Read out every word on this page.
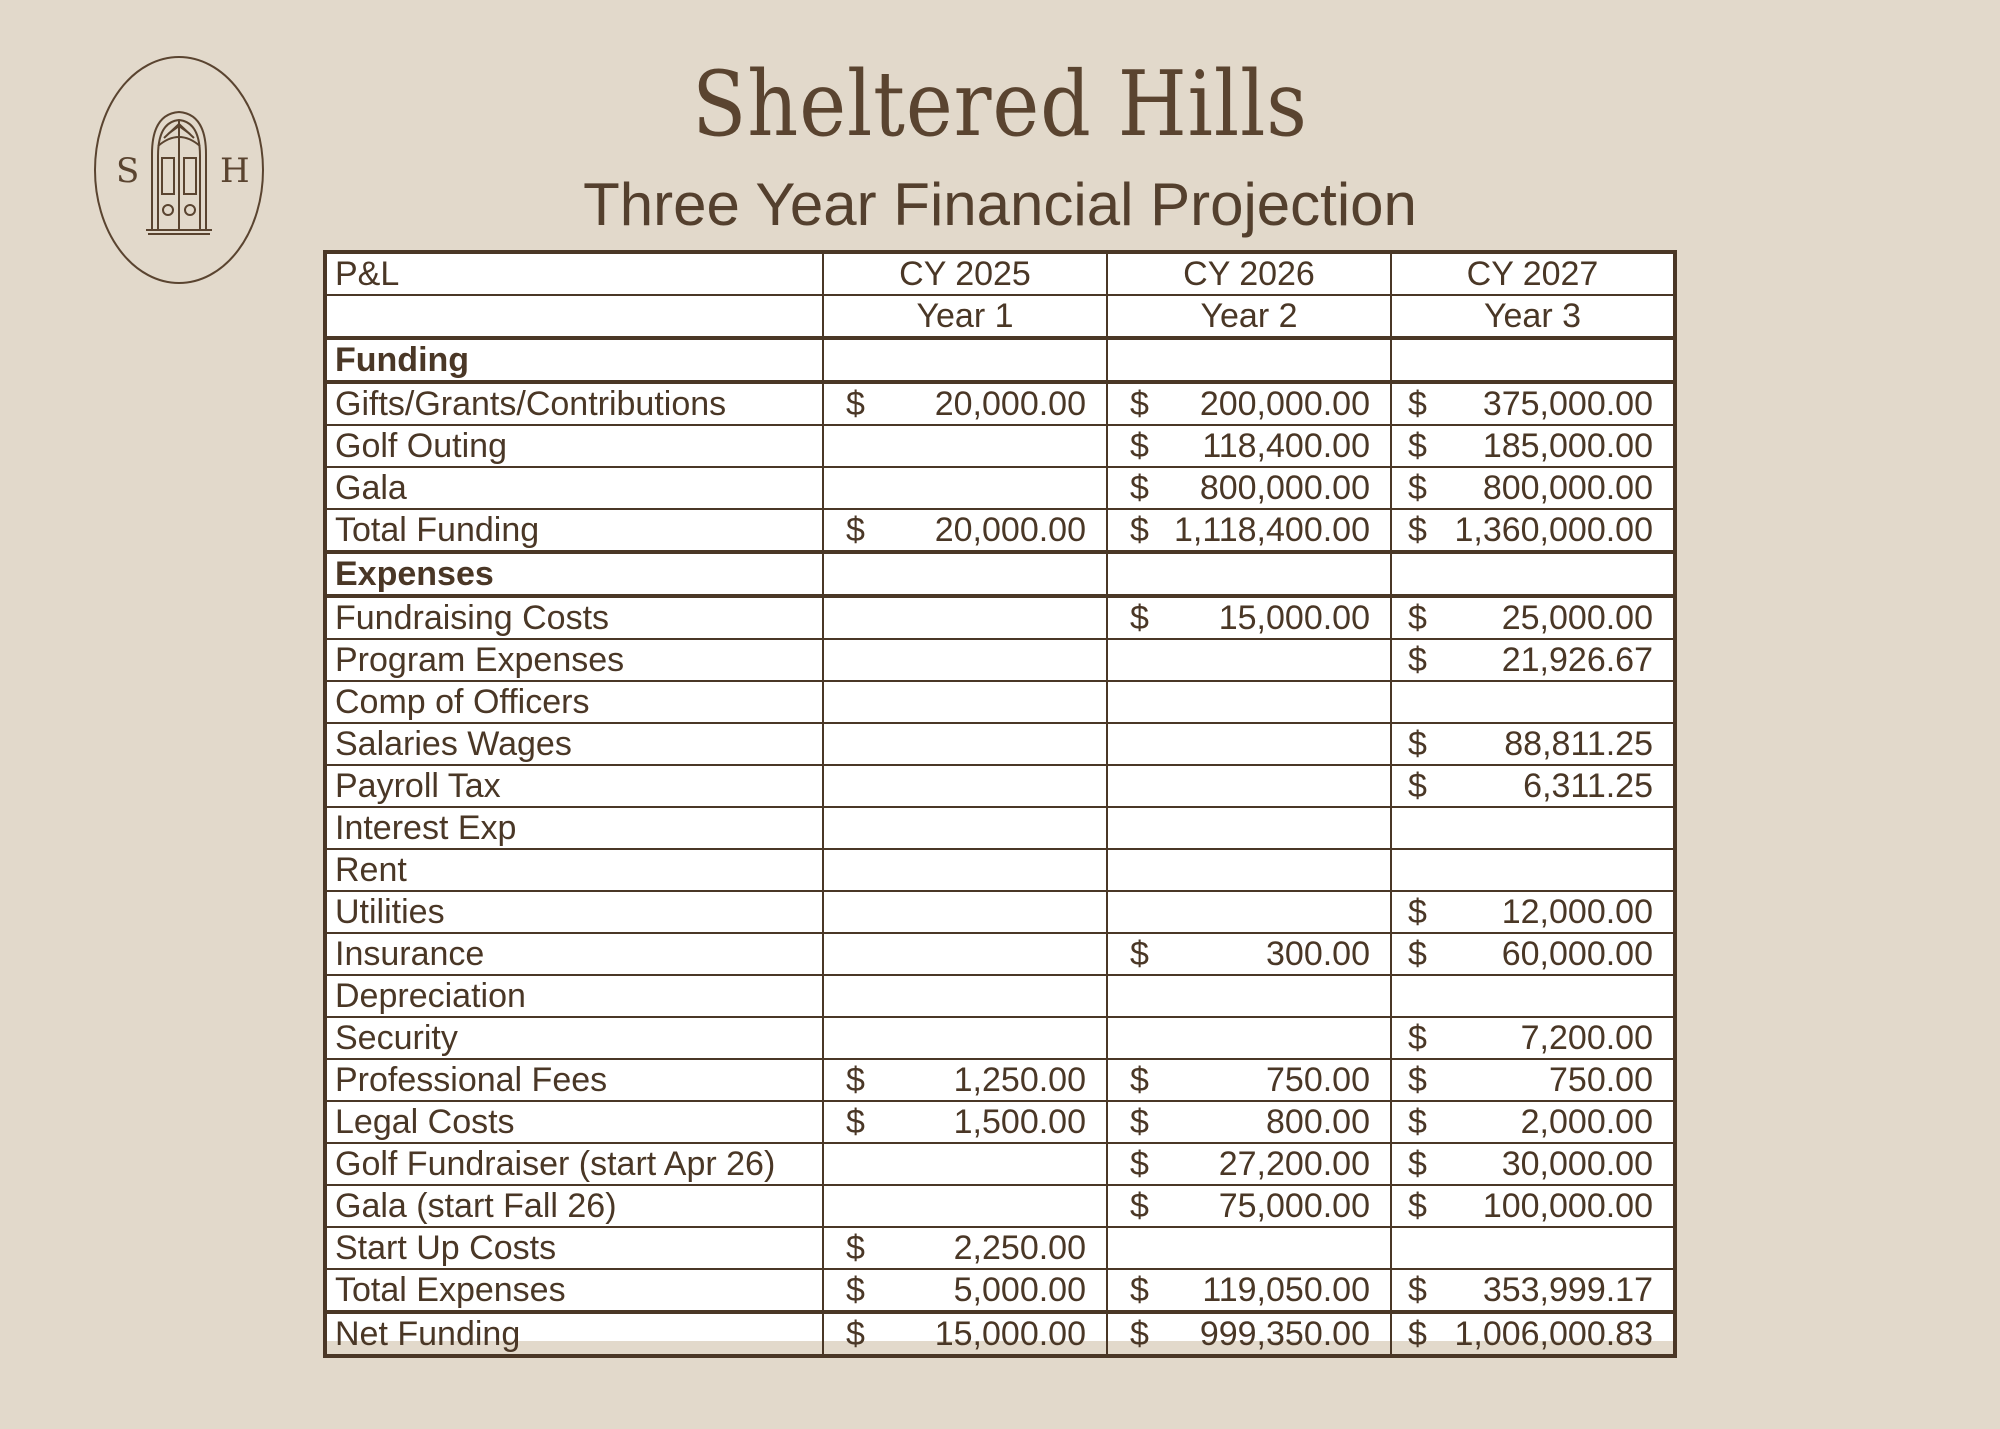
S H
Sheltered Hills
Three Year Financial Projection
P&L	CY 2025	CY 2026	CY 2027
	Year 1	Year 2	Year 3
Funding			
Gifts/Grants/Contributions	$ 20,000.00	$ 200,000.00	$ 375,000.00

Golf Outing		$ 118,400.00	$ 185,000.00

Gala		$ 800,000.00	$ 800,000.00

Total Funding	$ 20,000.00	$ 1,118,400.00	$ 1,360,000.00

Expenses			
Fundraising Costs		$ 15,000.00	$ 25,000.00

Program Expenses			$ 21,926.67

Comp of Officers			
Salaries Wages			$ 88,811.25

Payroll Tax			$ 6,311.25

Interest Exp			
Rent			
Utilities			$ 12,000.00

Insurance		$ 300.00	$ 60,000.00

Depreciation			
Security			$ 7,200.00

Professional Fees	$ 1,250.00	$ 750.00	$ 750.00

Legal Costs	$ 1,500.00	$ 800.00	$ 2,000.00

Golf Fundraiser (start Apr 26)		$ 27,200.00	$ 30,000.00

Gala (start Fall 26)		$ 75,000.00	$ 100,000.00

Start Up Costs	$ 2,250.00		

Total Expenses	$ 5,000.00	$ 119,050.00	$ 353,999.17

Net Funding	$ 15,000.00	$ 999,350.00	$ 1,006,000.83
